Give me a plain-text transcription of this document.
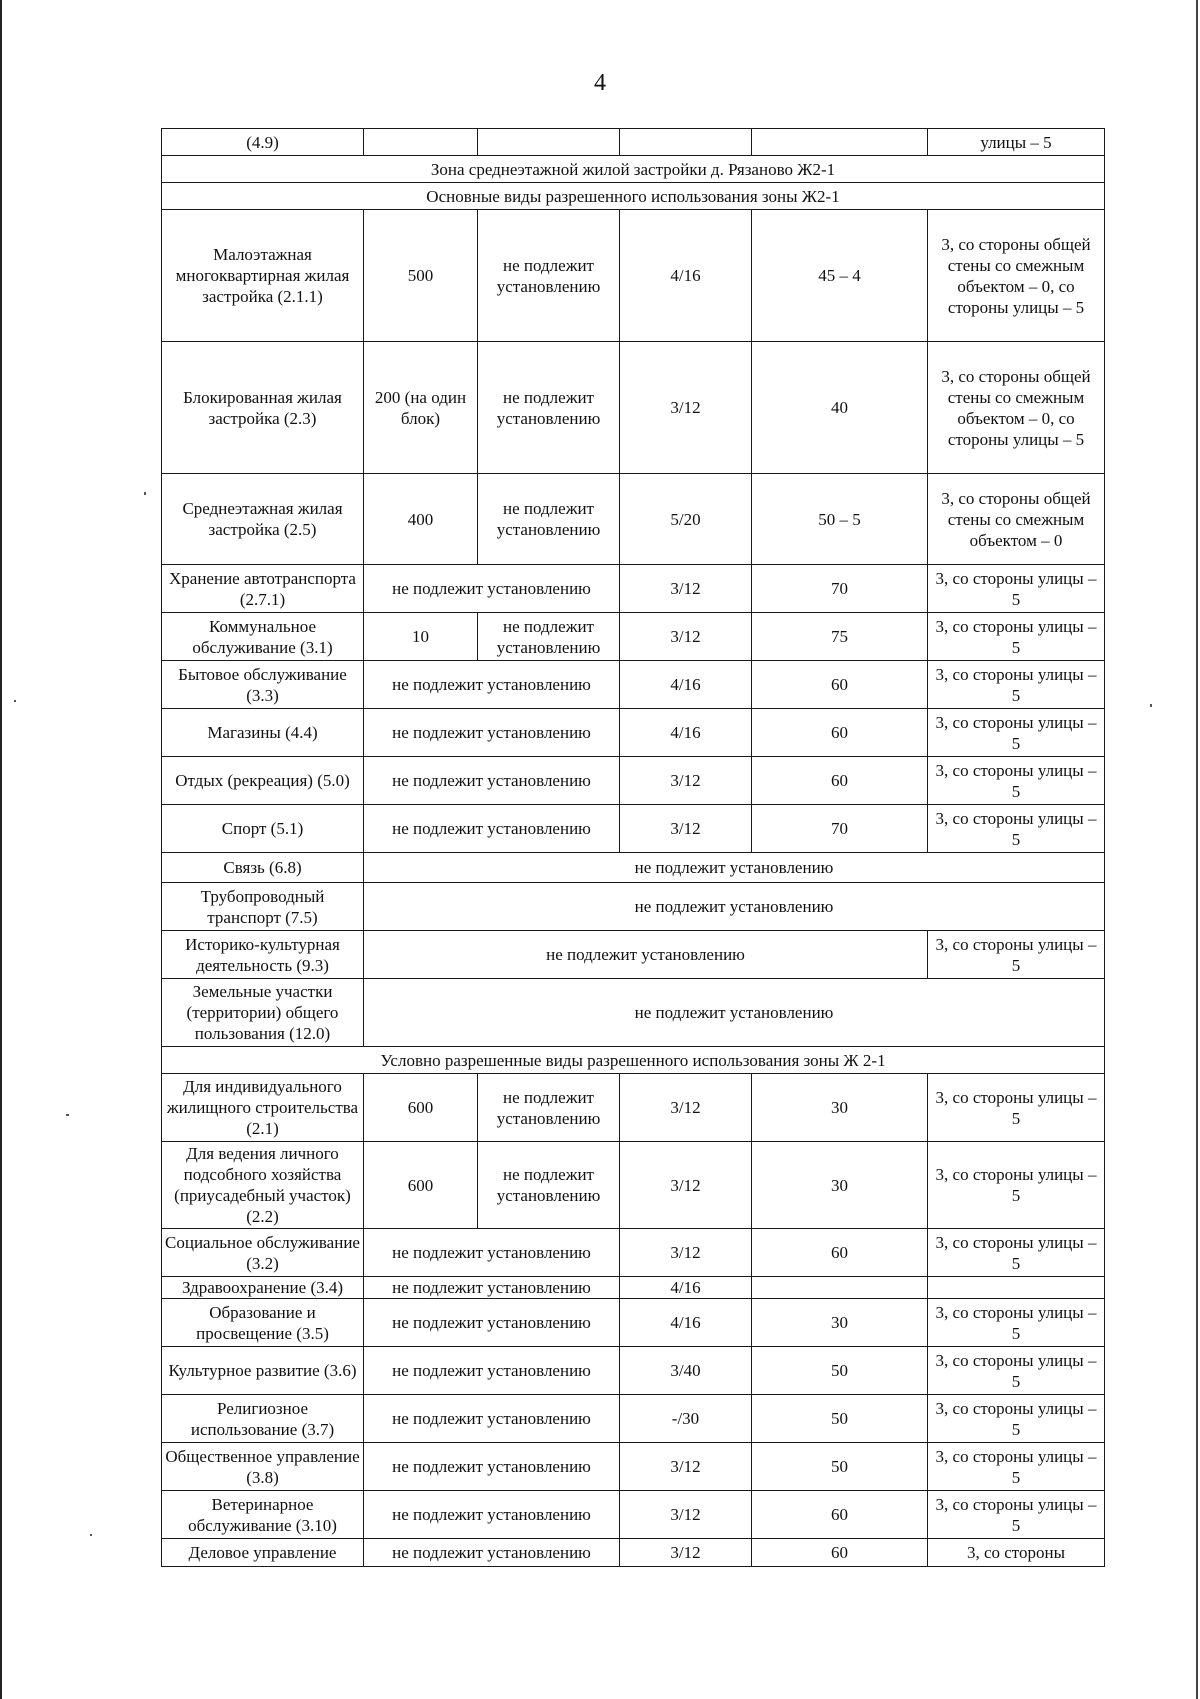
4
(4.9)					улицы – 5
Зона среднеэтажной жилой застройки д. Рязаново Ж2-1					
Основные виды разрешенного использования зоны Ж2-1					
Малоэтажная многоквартирная жилая застройка (2.1.1)	500	не подлежит установлению	4/16	45 – 4	3, со стороны общей стены со смежным объектом – 0, со стороны улицы – 5
Блокированная жилая застройка (2.3)	200 (на один блок)	не подлежит установлению	3/12	40	3, со стороны общей стены со смежным объектом – 0, со стороны улицы – 5
Среднеэтажная жилая застройка (2.5)	400	не подлежит установлению	5/20	50 – 5	3, со стороны общей стены со смежным объектом – 0
Хранение автотранспорта (2.7.1)	не подлежит установлению		3/12	70	3, со стороны улицы – 5
Коммунальное обслуживание (3.1)	10	не подлежит установлению	3/12	75	3, со стороны улицы – 5
Бытовое обслуживание (3.3)	не подлежит установлению		4/16	60	3, со стороны улицы – 5
Магазины (4.4)	не подлежит установлению		4/16	60	3, со стороны улицы – 5
Отдых (рекреация) (5.0)	не подлежит установлению		3/12	60	3, со стороны улицы – 5
Спорт (5.1)	не подлежит установлению		3/12	70	3, со стороны улицы – 5
Связь (6.8)	не подлежит установлению				
Трубопроводный транспорт (7.5)	не подлежит установлению				
Историко-культурная деятельность (9.3)	не подлежит установлению				3, со стороны улицы – 5
Земельные участки (территории) общего пользования (12.0)	не подлежит установлению				
Условно разрешенные виды разрешенного использования зоны Ж 2-1					
Для индивидуального жилищного строительства (2.1)	600	не подлежит установлению	3/12	30	3, со стороны улицы – 5
Для ведения личного подсобного хозяйства (приусадебный участок) (2.2)	600	не подлежит установлению	3/12	30	3, со стороны улицы – 5
Социальное обслуживание (3.2)	не подлежит установлению		3/12	60	3, со стороны улицы – 5
Здравоохранение (3.4)	не подлежит установлению		4/16		
Образование и просвещение (3.5)	не подлежит установлению		4/16	30	3, со стороны улицы – 5
Культурное развитие (3.6)	не подлежит установлению		3/40	50	3, со стороны улицы – 5
Религиозное использование (3.7)	не подлежит установлению		-/30	50	3, со стороны улицы – 5
Общественное управление (3.8)	не подлежит установлению		3/12	50	3, со стороны улицы – 5
Ветеринарное обслуживание (3.10)	не подлежит установлению		3/12	60	3, со стороны улицы – 5
Деловое управление	не подлежит установлению		3/12	60	3, со стороны
